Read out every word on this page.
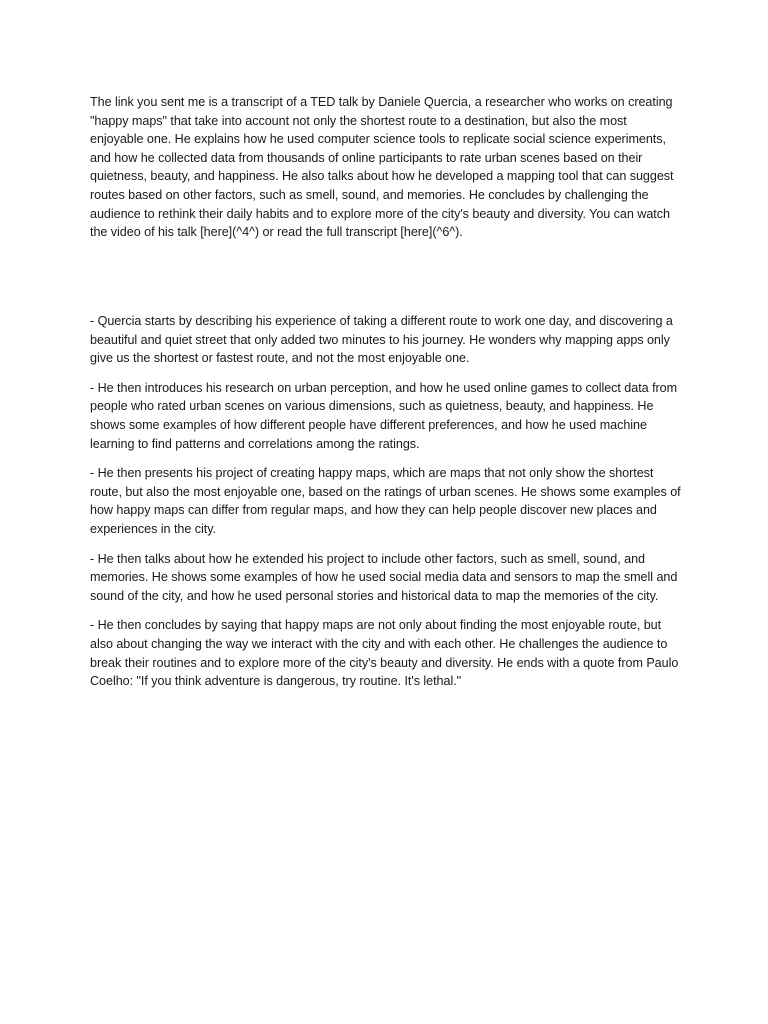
The link you sent me is a transcript of a TED talk by Daniele Quercia, a researcher who works on creating "happy maps" that take into account not only the shortest route to a destination, but also the most enjoyable one. He explains how he used computer science tools to replicate social science experiments, and how he collected data from thousands of online participants to rate urban scenes based on their quietness, beauty, and happiness. He also talks about how he developed a mapping tool that can suggest routes based on other factors, such as smell, sound, and memories. He concludes by challenging the audience to rethink their daily habits and to explore more of the city's beauty and diversity. You can watch the video of his talk [here](^4^) or read the full transcript [here](^6^).

- Quercia starts by describing his experience of taking a different route to work one day, and discovering a beautiful and quiet street that only added two minutes to his journey. He wonders why mapping apps only give us the shortest or fastest route, and not the most enjoyable one.

- He then introduces his research on urban perception, and how he used online games to collect data from people who rated urban scenes on various dimensions, such as quietness, beauty, and happiness. He shows some examples of how different people have different preferences, and how he used machine learning to find patterns and correlations among the ratings.

- He then presents his project of creating happy maps, which are maps that not only show the shortest route, but also the most enjoyable one, based on the ratings of urban scenes. He shows some examples of how happy maps can differ from regular maps, and how they can help people discover new places and experiences in the city.

- He then talks about how he extended his project to include other factors, such as smell, sound, and memories. He shows some examples of how he used social media data and sensors to map the smell and sound of the city, and how he used personal stories and historical data to map the memories of the city.

- He then concludes by saying that happy maps are not only about finding the most enjoyable route, but also about changing the way we interact with the city and with each other. He challenges the audience to break their routines and to explore more of the city's beauty and diversity. He ends with a quote from Paulo Coelho: "If you think adventure is dangerous, try routine. It's lethal."
